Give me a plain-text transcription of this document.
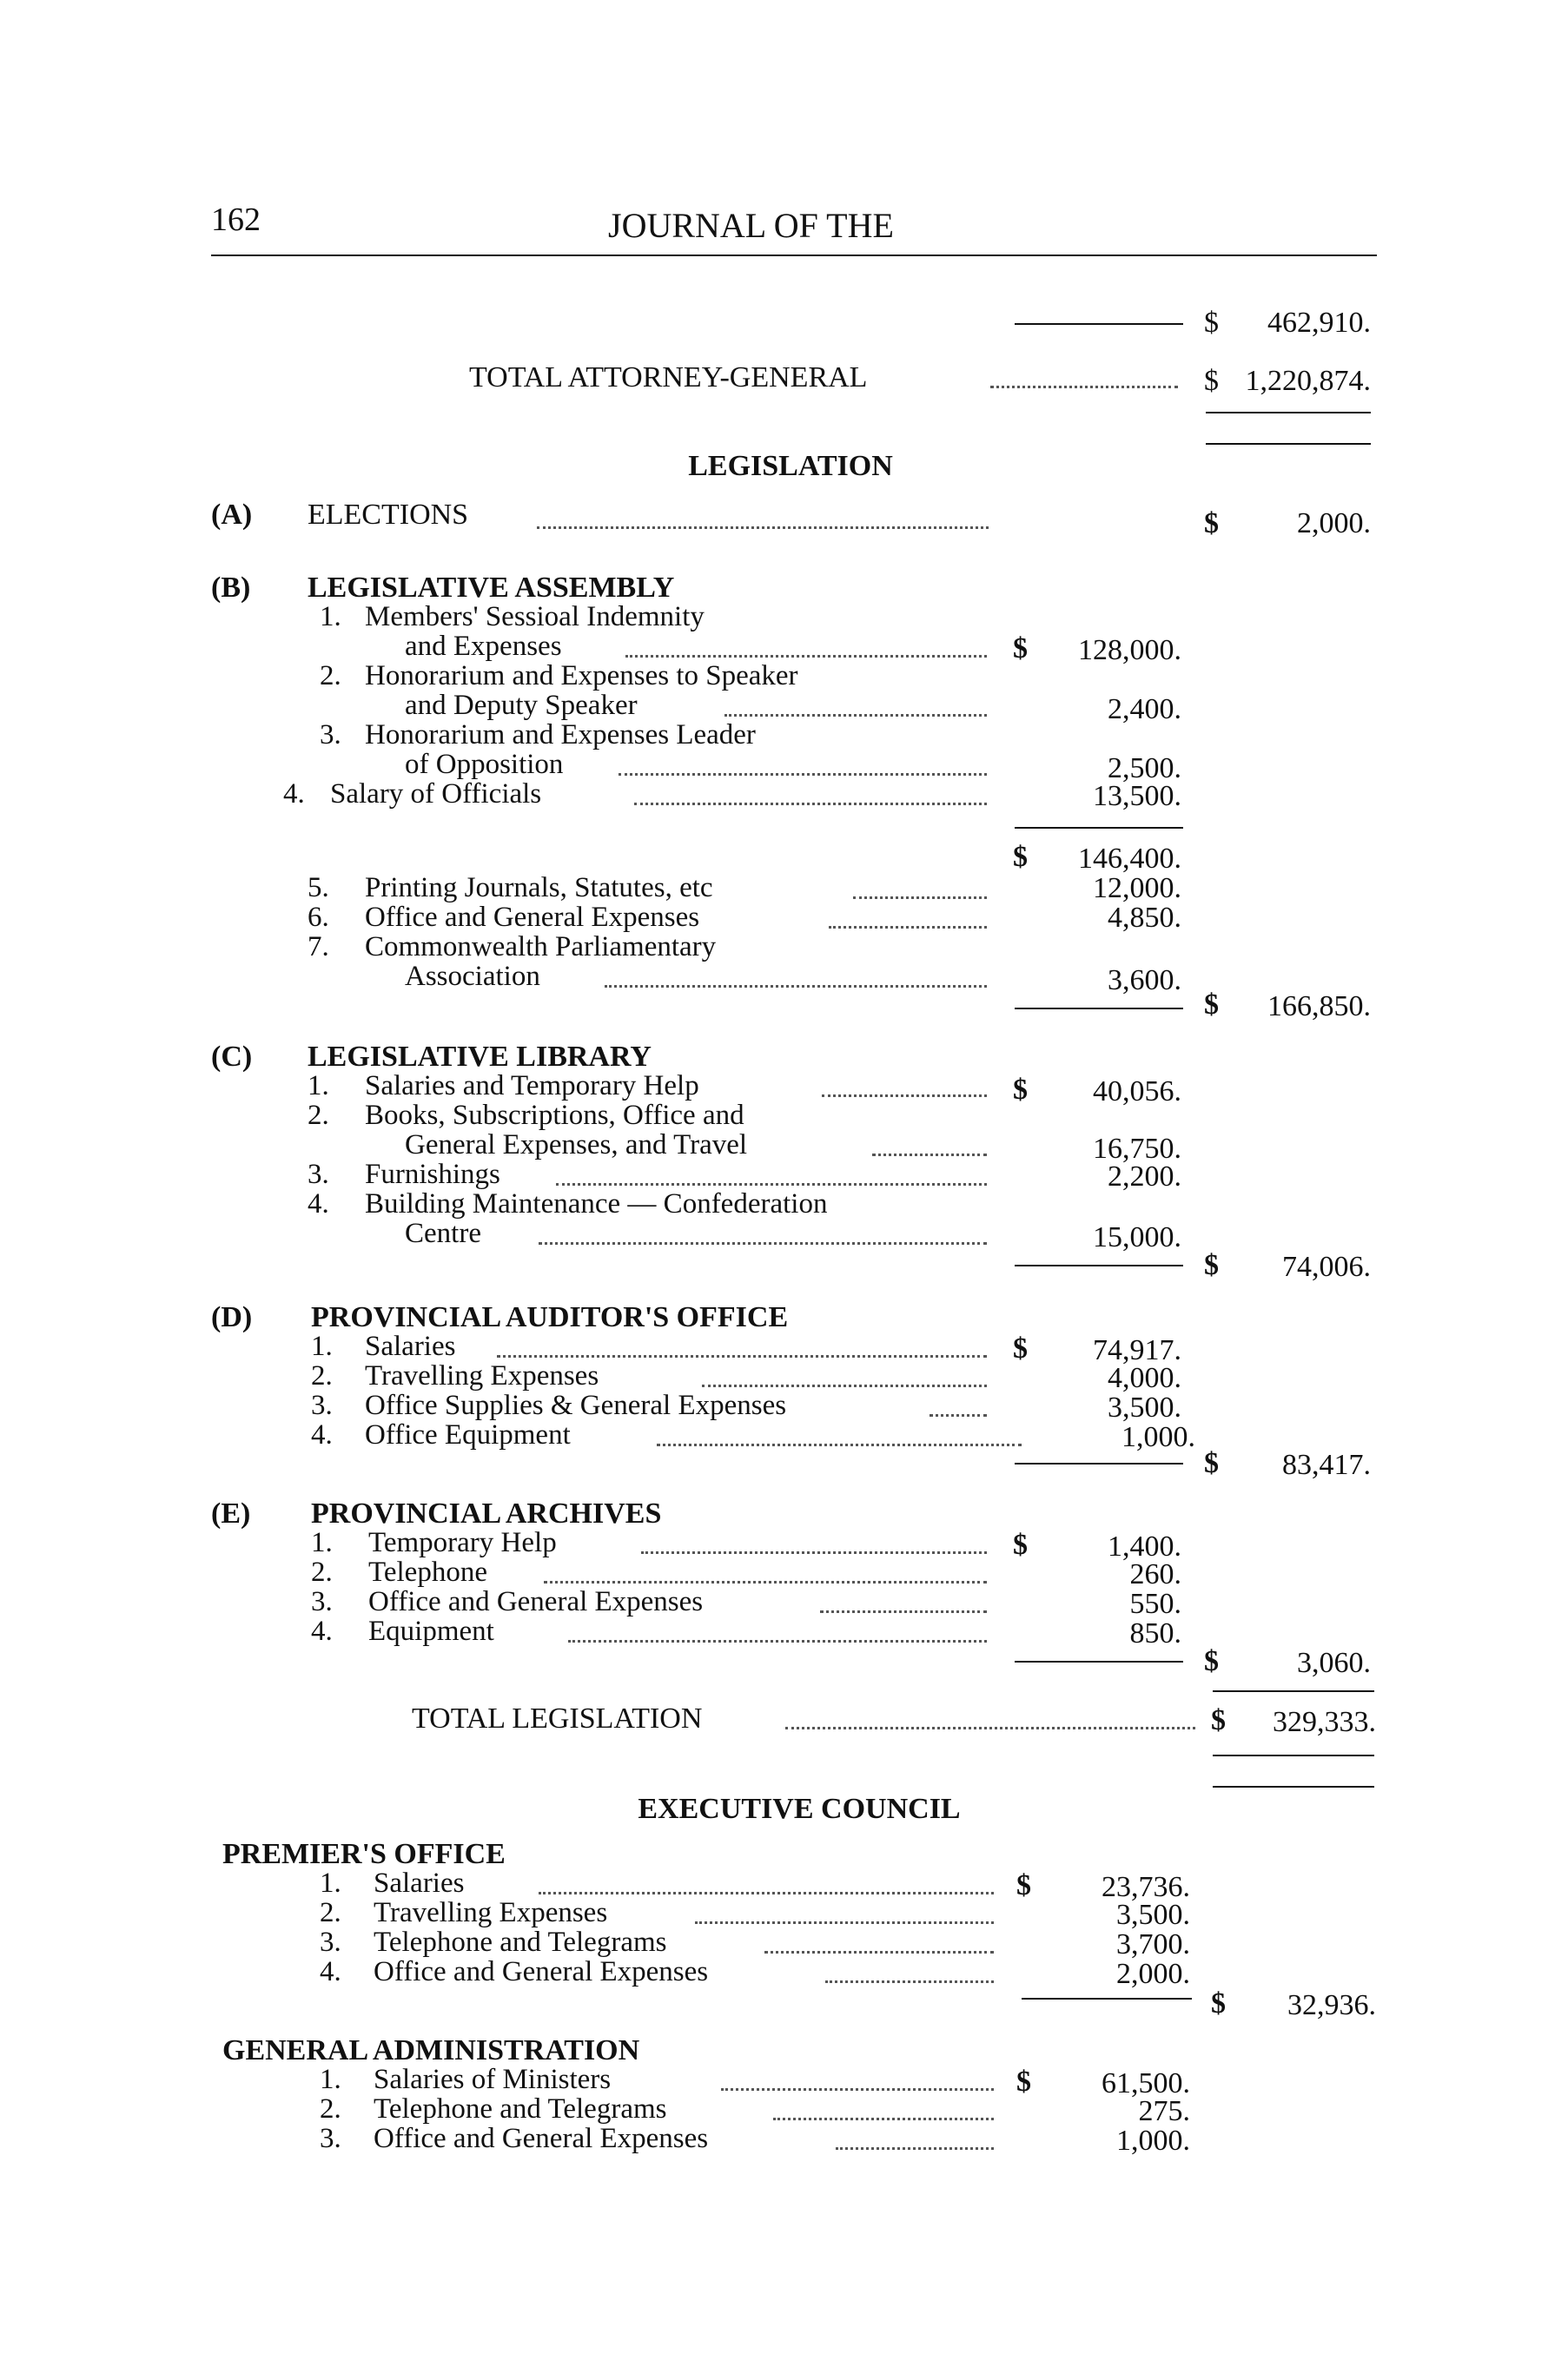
162	JOURNAL OF THE
$	462,910.
TOTAL ATTORNEY-GENERAL	$ 1,220,874.
LEGISLATION
(A) ELECTIONS	$	2,000.
(B) LEGISLATIVE ASSEMBLY
1. Members' Sessioal Indemnity
and Expenses	$	128,000.
2. Honorarium and Expenses to Speaker
and Deputy Speaker	2,400.
3. Honorarium and Expenses Leader
of Opposition	2,500.
4. Salary of Officials	13,500.
$	146,400.
5. Printing Journals, Statutes, etc	12,000.
6. Office and General Expenses	4,850.
7. Commonwealth Parliamentary
Association	3,600.
$	166,850.
(C) LEGISLATIVE LIBRARY
1. Salaries and Temporary Help	$	40,056.
2. Books, Subscriptions, Office and
General Expenses, and Travel	16,750.
3. Furnishings	2,200.
4. Building Maintenance — Confederation
Centre	15,000.
$	74,006.
(D) PROVINCIAL AUDITOR'S OFFICE
1. Salaries	$	74,917.
2. Travelling Expenses	4,000.
3. Office Supplies & General Expenses	3,500.
4. Office Equipment	1,000.
$	83,417.
(E) PROVINCIAL ARCHIVES
1. Temporary Help	$	1,400.
2. Telephone	260.
3. Office and General Expenses	550.
4. Equipment	850.
$	3,060.
TOTAL LEGISLATION	$	329,333.
EXECUTIVE COUNCIL
PREMIER'S OFFICE
1. Salaries	$	23,736.
2. Travelling Expenses	3,500.
3. Telephone and Telegrams	3,700.
4. Office and General Expenses	2,000.
$	32,936.
GENERAL ADMINISTRATION
1. Salaries of Ministers	$	61,500.
2. Telephone and Telegrams	275.
3. Office and General Expenses	1,000.
